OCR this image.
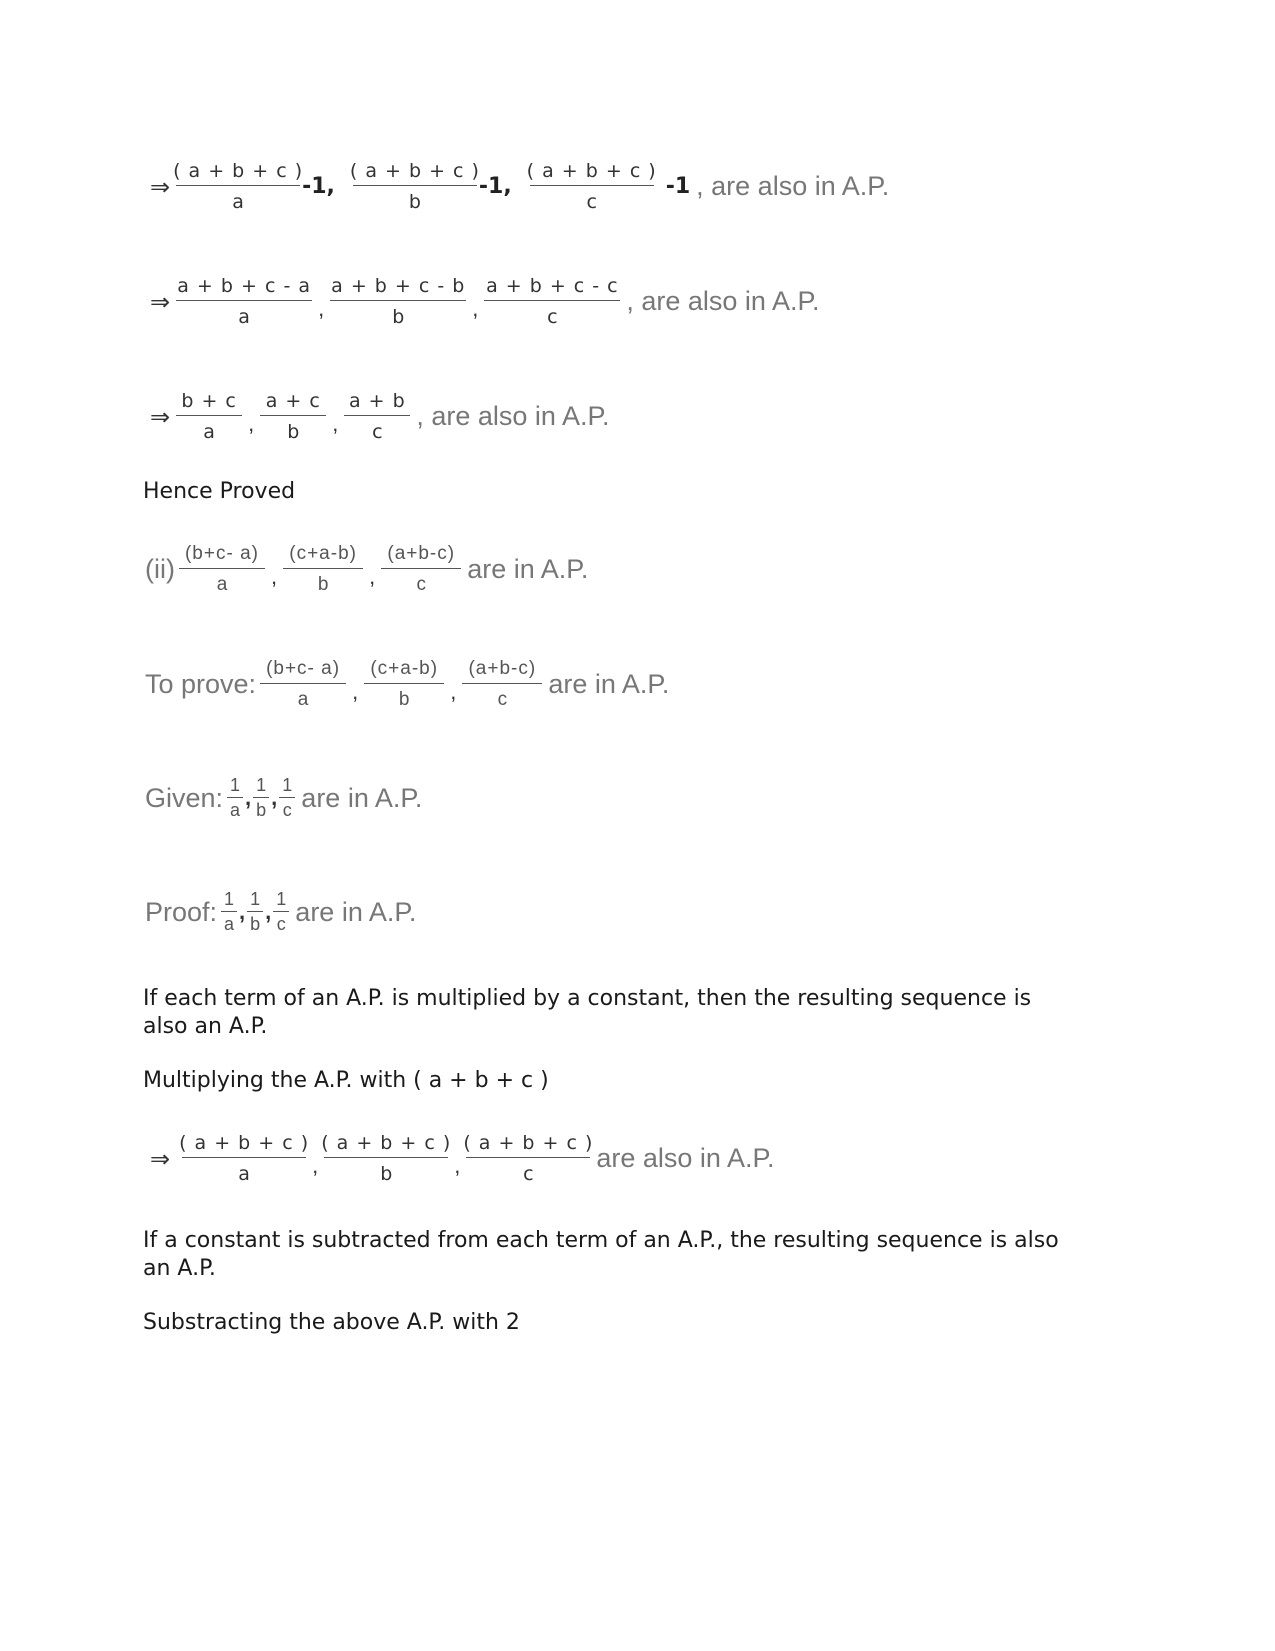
⇒ $\frac{( a + b + c )}{a} -1$, $\frac{( a + b + c )}{b} -1$, $\frac{( a + b + c )}{c} -1$ , are also in A.P.
⇒ $\frac{a + b + c - a}{a}$ , $\frac{a + b + c - b}{b}$ , $\frac{a + b + c - c}{c}$ , are also in A.P.
⇒ $\frac{b + c}{a}$ , $\frac{a + c}{b}$ , $\frac{a + b}{c}$ , are also in A.P.
Hence Proved
$(ii) \frac{(b+c- a)}{a}$ , $\frac{(c+a-b)}{b}$ , $\frac{(a+b-c)}{c}$ are in A.P.
To prove: $\frac{(b+c- a)}{a}$ , $\frac{(c+a-b)}{b}$ , $\frac{(a+b-c)}{c}$ are in A.P.
Given: $\frac{1}{a}$ , $\frac{1}{b}$ , $\frac{1}{c}$ are in A.P.
Proof: $\frac{1}{a}$ , $\frac{1}{b}$ , $\frac{1}{c}$ are in A.P.
If each term of an A.P. is multiplied by a constant, then the resulting sequence is also an A.P.
Multiplying the A.P. with ( a + b + c )
⇒ $\frac{( a + b + c )}{a}$ , $\frac{( a + b + c )}{b}$ , $\frac{( a + b + c )}{c}$ are also in A.P.
If a constant is subtracted from each term of an A.P., the resulting sequence is also an A.P.
Substracting the above A.P. with 2
